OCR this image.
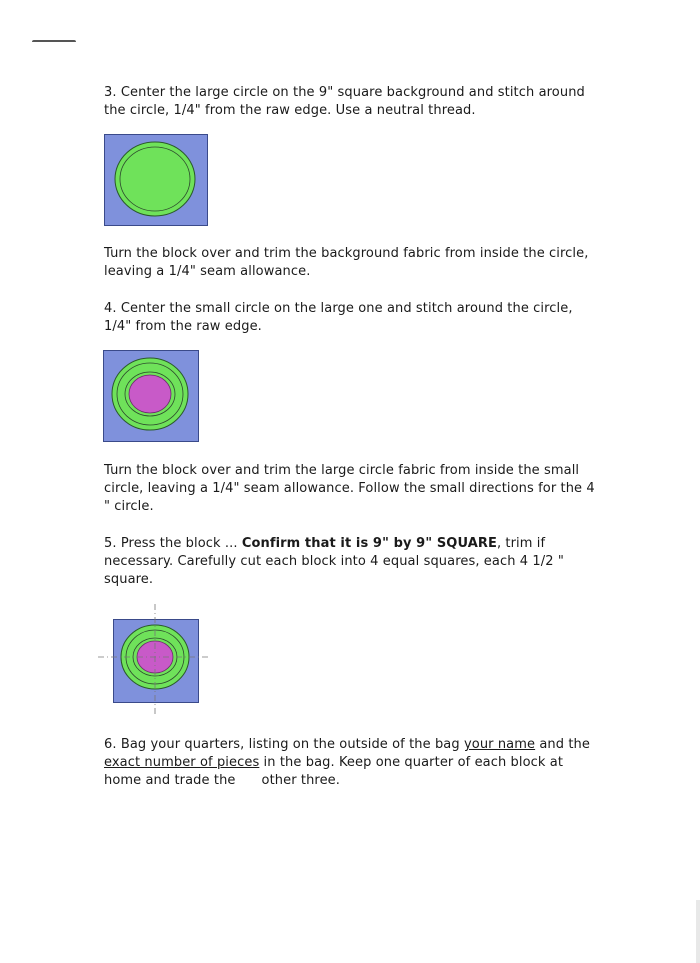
3. Center the large circle on the 9" square background and stitch around the circle, 1/4" from the raw edge. Use a neutral thread.

Turn the block over and trim the background fabric from inside the circle, leaving a 1/4" seam allowance.

4. Center the small circle on the large one and stitch around the circle, 1/4" from the raw edge.

Turn the block over and trim the large circle fabric from inside the small circle, leaving a 1/4" seam allowance. Follow the small directions for the 4 " circle.

5. Press the block ... Confirm that it is 9" by 9" SQUARE, trim if necessary. Carefully cut each block into 4 equal squares, each 4 1/2 " square.

6. Bag your quarters, listing on the outside of the bag your name and the exact number of pieces in the bag. Keep one quarter of each block at home and trade the other three.
